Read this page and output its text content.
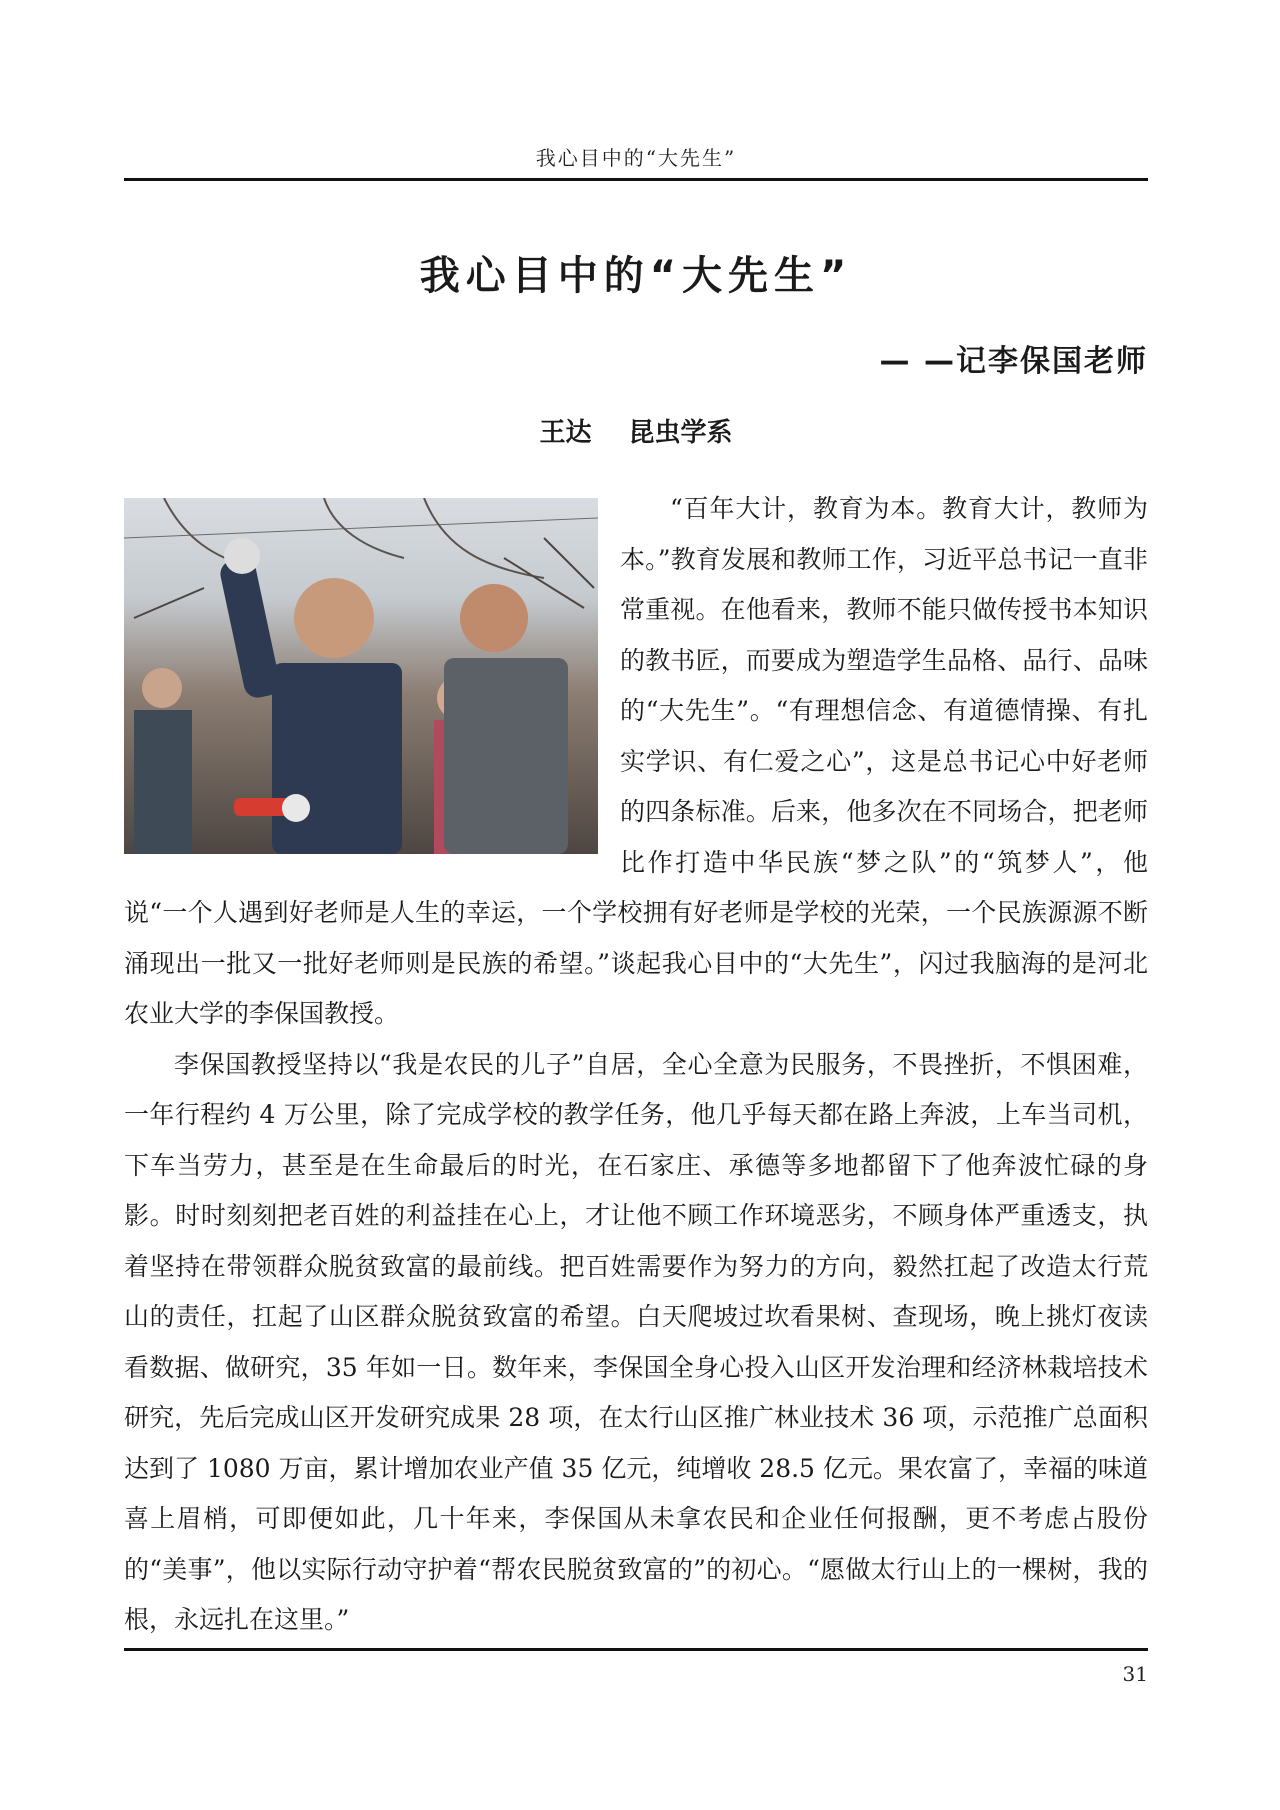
我心目中的“大先生”
我心目中的“大先生”
— —记李保国老师
王达 昆虫学系

“百年大计，教育为本。教育大计，教师为本。”教育发展和教师工作，习近平总书记一直非常重视。在他看来，教师不能只做传授书本知识的教书匠，而要成为塑造学生品格、品行、品味的“大先生”。“有理想信念、有道德情操、有扎实学识、有仁爱之心”，这是总书记心中好老师的四条标准。后来，他多次在不同场合，把老师比作打造中华民族“梦之队”的“筑梦人”，他说“一个人遇到好老师是人生的幸运，一个学校拥有好老师是学校的光荣，一个民族源源不断涌现出一批又一批好老师则是民族的希望。”谈起我心目中的“大先生”，闪过我脑海的是河北农业大学的李保国教授。

李保国教授坚持以“我是农民的儿子”自居，全心全意为民服务，不畏挫折，不惧困难，一年行程约 4 万公里，除了完成学校的教学任务，他几乎每天都在路上奔波，上车当司机，下车当劳力，甚至是在生命最后的时光，在石家庄、承德等多地都留下了他奔波忙碌的身影。时时刻刻把老百姓的利益挂在心上，才让他不顾工作环境恶劣，不顾身体严重透支，执着坚持在带领群众脱贫致富的最前线。把百姓需要作为努力的方向，毅然扛起了改造太行荒山的责任，扛起了山区群众脱贫致富的希望。白天爬坡过坎看果树、查现场，晚上挑灯夜读看数据、做研究，35 年如一日。数年来，李保国全身心投入山区开发治理和经济林栽培技术研究，先后完成山区开发研究成果 28 项，在太行山区推广林业技术 36 项，示范推广总面积达到了 1080 万亩，累计增加农业产值 35 亿元，纯增收 28.5 亿元。果农富了，幸福的味道喜上眉梢，可即便如此，几十年来，李保国从未拿农民和企业任何报酬，更不考虑占股份的“美事”，他以实际行动守护着“帮农民脱贫致富的”的初心。“愿做太行山上的一棵树，我的根，永远扎在这里。”

31
